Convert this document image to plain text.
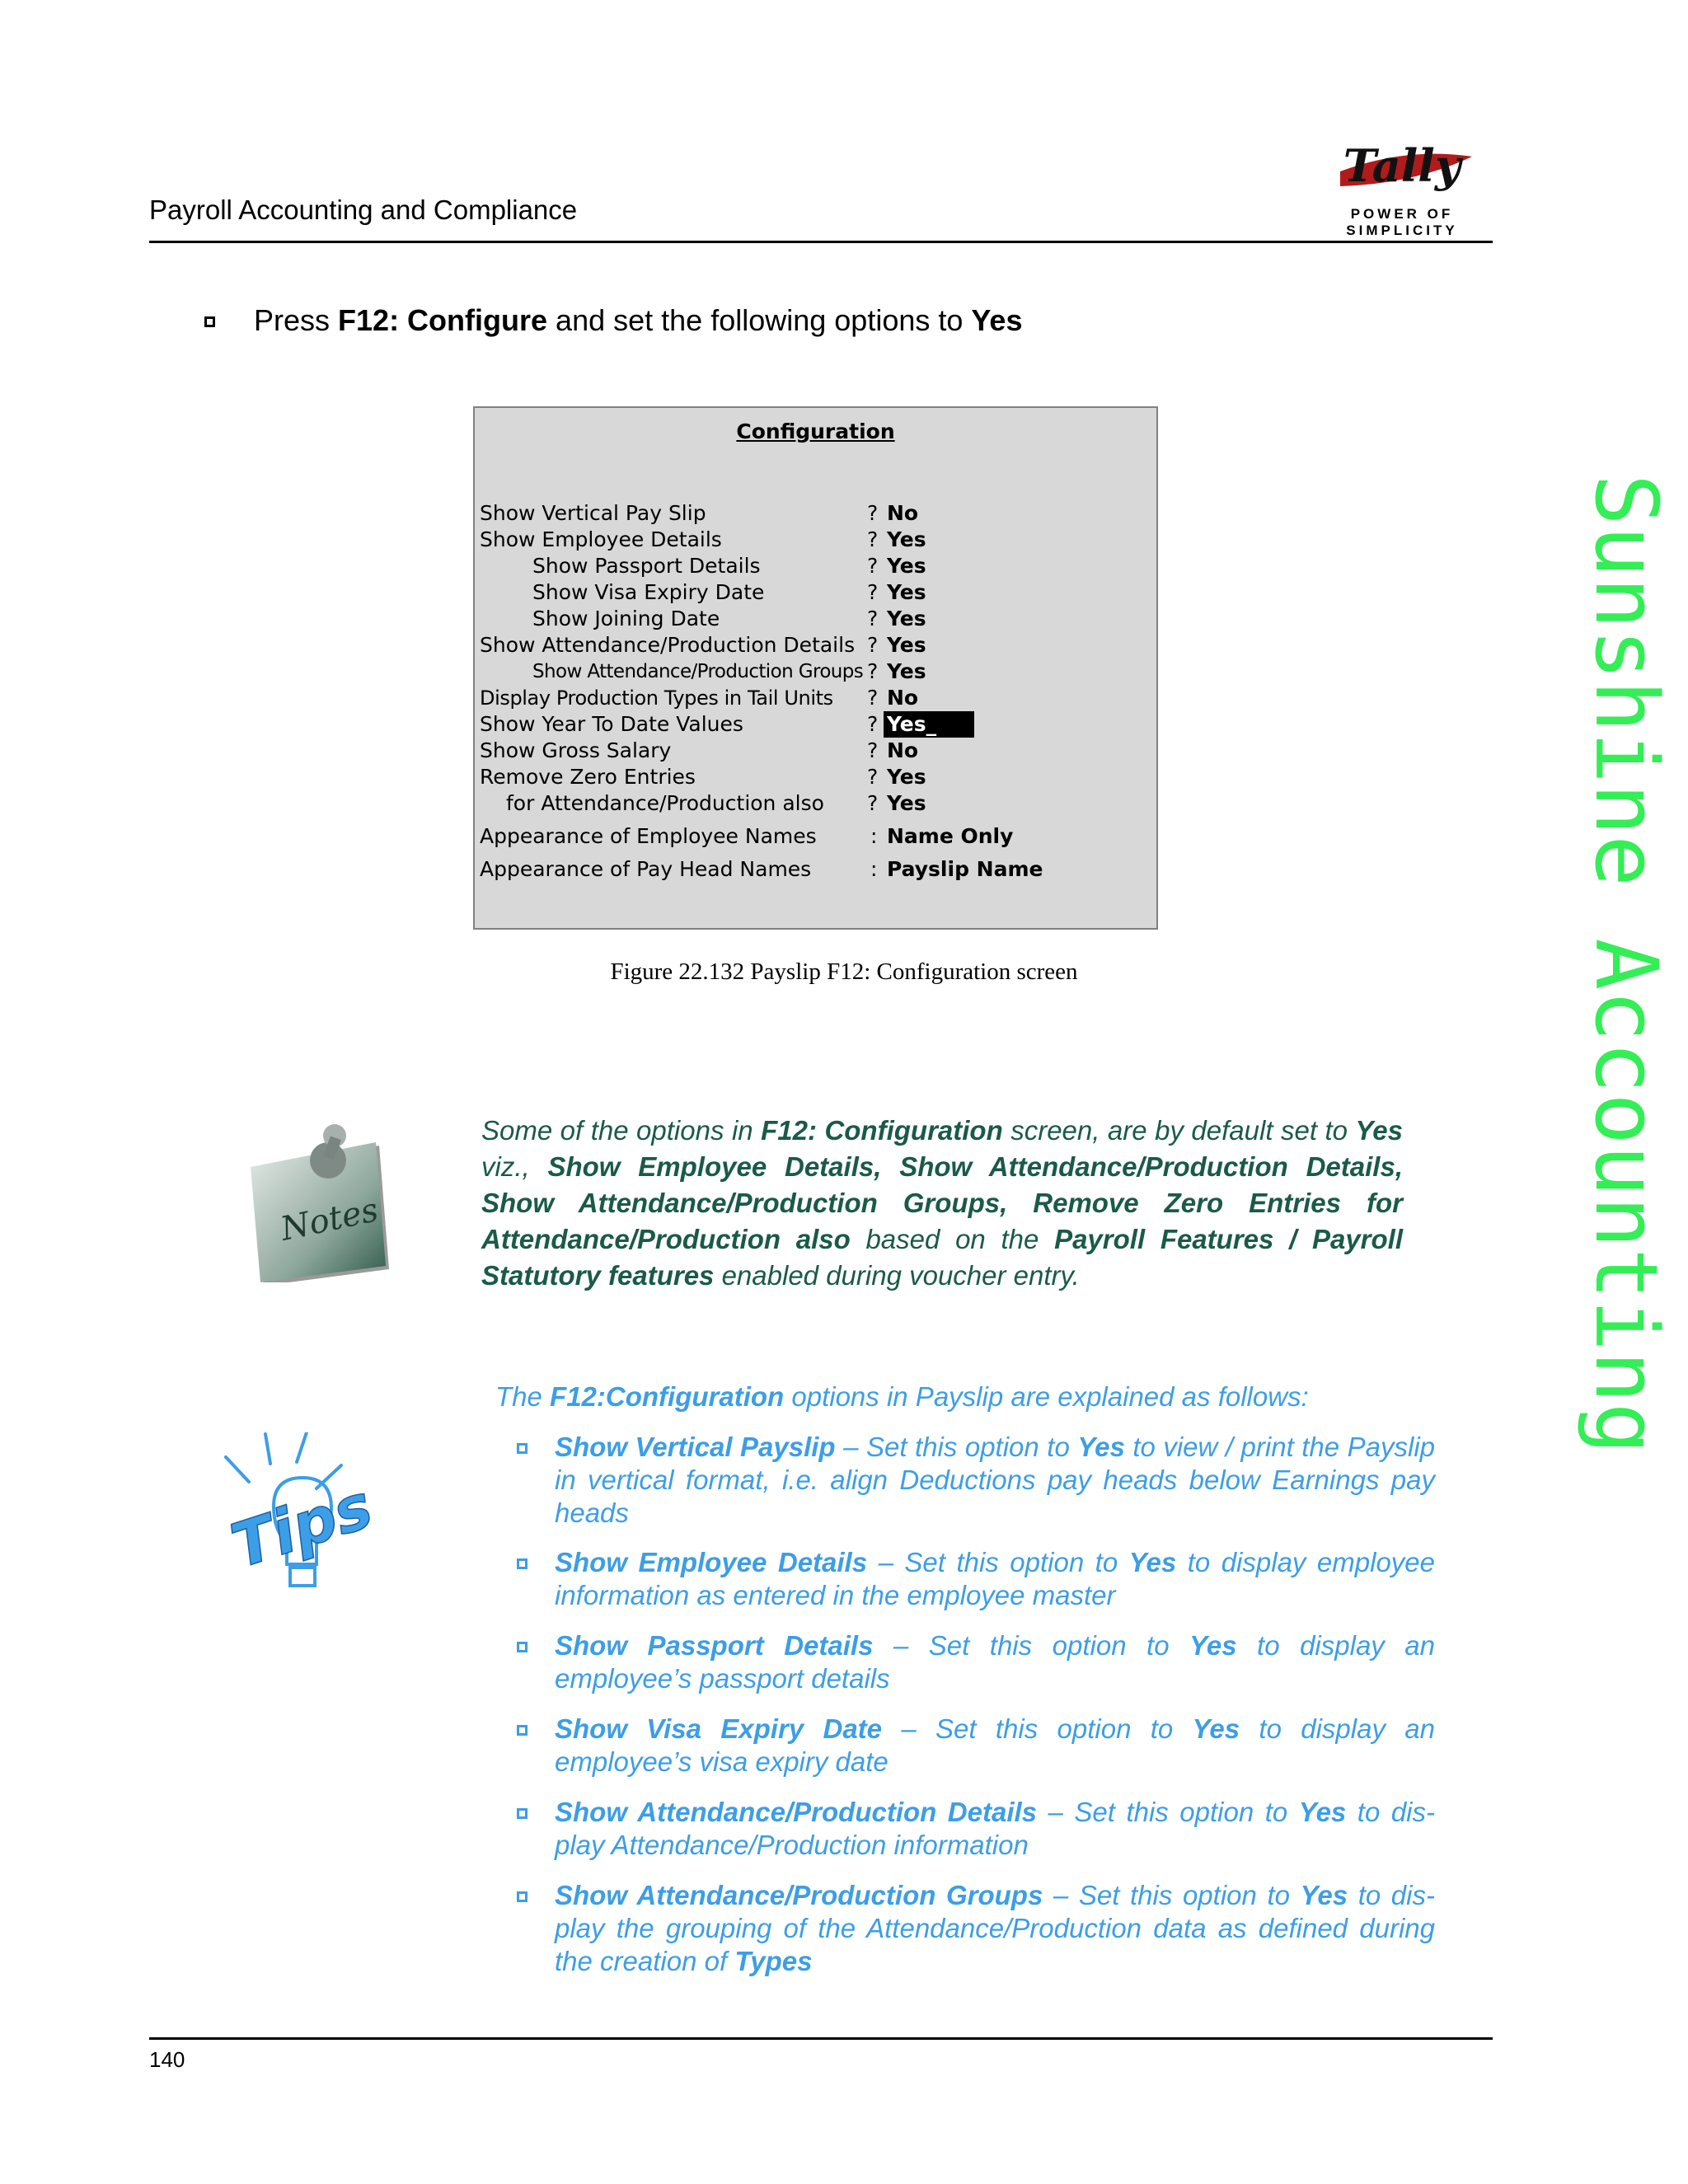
Payroll Accounting and Compliance
Tally
POWER OF SIMPLICITY
Press F12: Configure and set the following options to Yes
Configuration
Show Vertical Pay Slip	? No
Show Employee Details	? Yes
Show Passport Details	? Yes
Show Visa Expiry Date	? Yes
Show Joining Date	? Yes
Show Attendance/Production Details ? Yes
Show Attendance/Production Groups ? Yes
Display Production Types in Tail Units ? No
Show Year To Date Values	? Yes_
Show Gross Salary	? No
Remove Zero Entries	? Yes
for Attendance/Production also ? Yes
Appearance of Employee Names	: Name Only
Appearance of Pay Head Names	: Payslip Name
Figure 22.132 Payslip F12: Configuration screen
Notes
Some of the options in F12: Configuration screen, are by default set to Yes viz., Show Employee Details, Show Attendance/Production Details, Show Attendance/Production Groups, Remove Zero Entries for Attendance/Production also based on the Payroll Features / Payroll Statutory features enabled during voucher entry.
Tips
The F12:Configuration options in Payslip are explained as follows:
Show Vertical Payslip – Set this option to Yes to view / print the Payslip in vertical format, i.e. align Deductions pay heads below Earnings pay heads
Show Employee Details – Set this option to Yes to display employee information as entered in the employee master
Show Passport Details – Set this option to Yes to display an employee’s passport details
Show Visa Expiry Date – Set this option to Yes to display an employee’s visa expiry date
Show Attendance/Production Details – Set this option to Yes to dis-play Attendance/Production information
Show Attendance/Production Groups – Set this option to Yes to dis-play the grouping of the Attendance/Production data as defined during the creation of Types
140
Sunshine Accounting
